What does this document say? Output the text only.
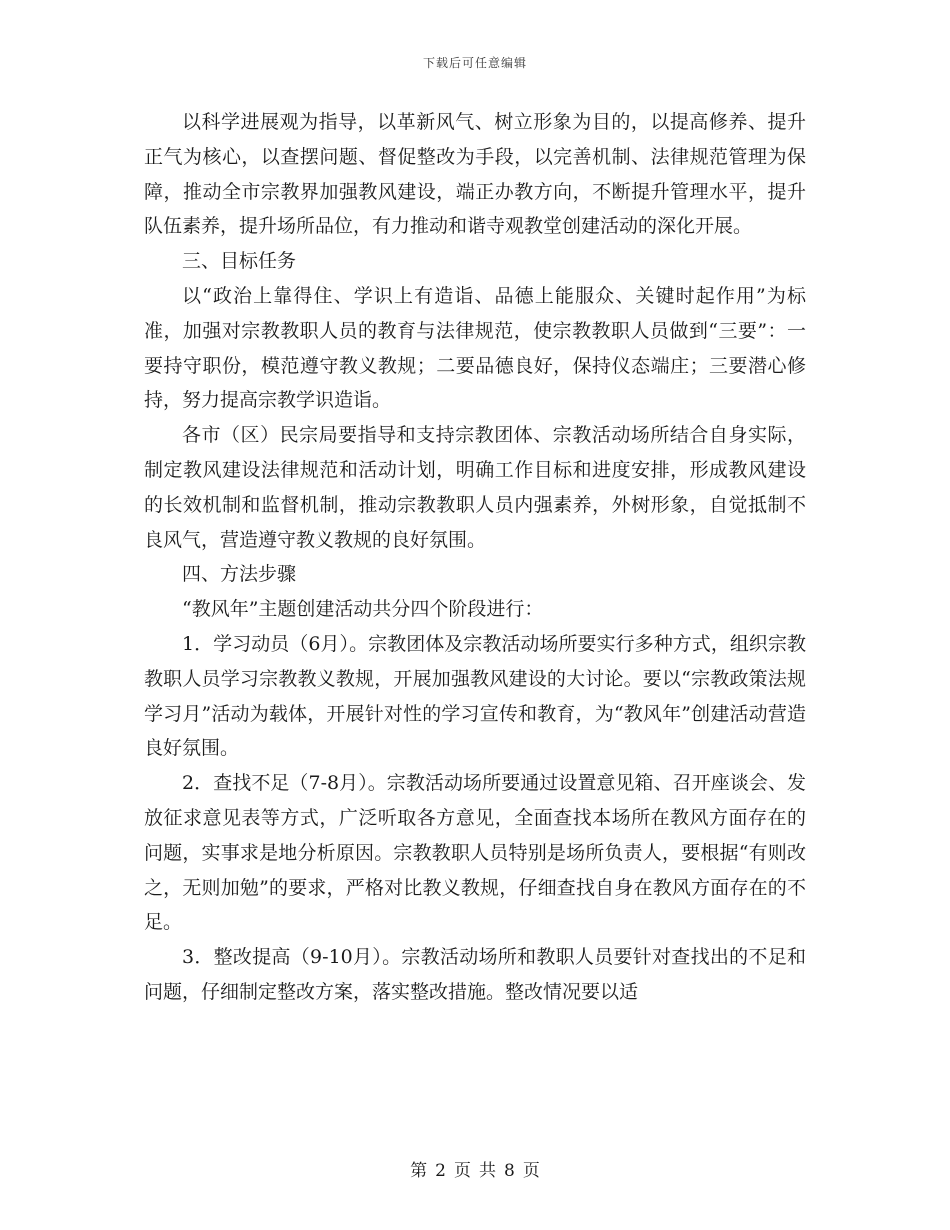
下载后可任意编辑

以科学进展观为指导，以革新风气、树立形象为目的，以提高修养、提升正气为核心，以查摆问题、督促整改为手段，以完善机制、法律规范管理为保障，推动全市宗教界加强教风建设，端正办教方向，不断提升管理水平，提升队伍素养，提升场所品位，有力推动和谐寺观教堂创建活动的深化开展。

三、目标任务

以“政治上靠得住、学识上有造诣、品德上能服众、关键时起作用”为标准，加强对宗教教职人员的教育与法律规范，使宗教教职人员做到“三要”：一要持守职份，模范遵守教义教规；二要品德良好，保持仪态端庄；三要潜心修持，努力提高宗教学识造诣。

各市（区）民宗局要指导和支持宗教团体、宗教活动场所结合自身实际，制定教风建设法律规范和活动计划，明确工作目标和进度安排，形成教风建设的长效机制和监督机制，推动宗教教职人员内强素养，外树形象，自觉抵制不良风气，营造遵守教义教规的良好氛围。

四、方法步骤

“教风年”主题创建活动共分四个阶段进行：

1．学习动员（6月）。宗教团体及宗教活动场所要实行多种方式，组织宗教教职人员学习宗教教义教规，开展加强教风建设的大讨论。要以“宗教政策法规学习月”活动为载体，开展针对性的学习宣传和教育，为“教风年”创建活动营造良好氛围。

2．查找不足（7-8月）。宗教活动场所要通过设置意见箱、召开座谈会、发放征求意见表等方式，广泛听取各方意见，全面查找本场所在教风方面存在的问题，实事求是地分析原因。宗教教职人员特别是场所负责人，要根据“有则改之，无则加勉”的要求，严格对比教义教规，仔细查找自身在教风方面存在的不足。

3．整改提高（9-10月）。宗教活动场所和教职人员要针对查找出的不足和问题，仔细制定整改方案，落实整改措施。整改情况要以适

第 2 页 共 8 页
